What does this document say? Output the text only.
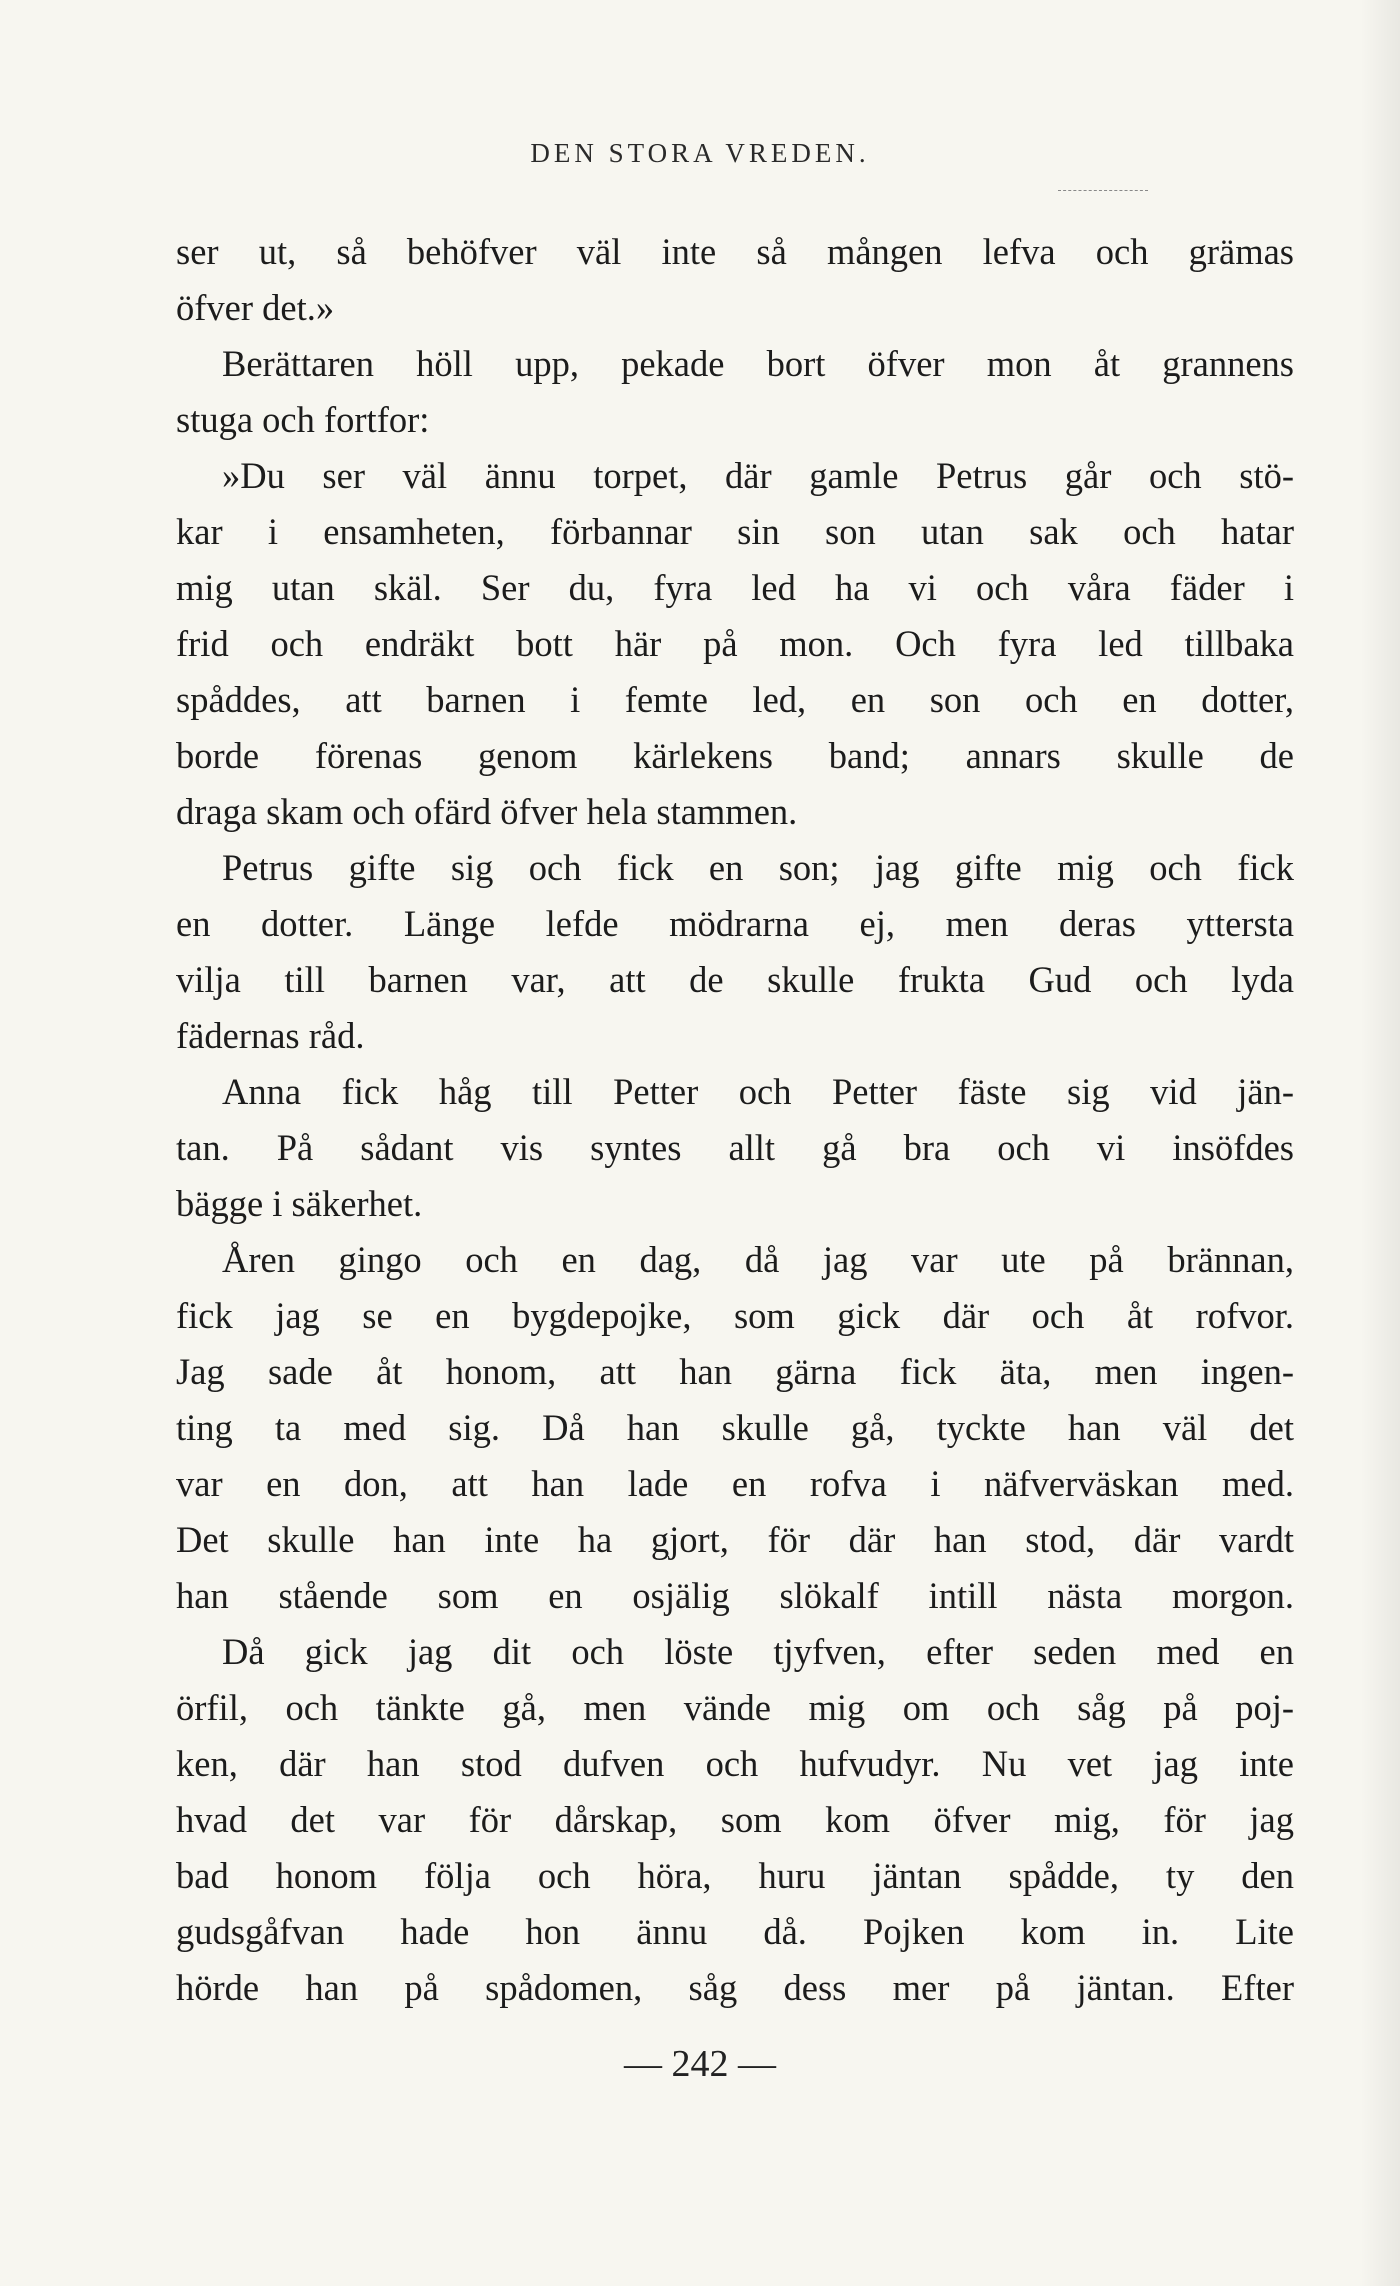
DEN STORA VREDEN.
ser ut, så behöfver väl inte så mången lefva och grämas
öfver det.»
Berättaren höll upp, pekade bort öfver mon åt grannens
stuga och fortfor:
»Du ser väl ännu torpet, där gamle Petrus går och stö-
kar i ensamheten, förbannar sin son utan sak och hatar
mig utan skäl. Ser du, fyra led ha vi och våra fäder i
frid och endräkt bott här på mon. Och fyra led tillbaka
spåddes, att barnen i femte led, en son och en dotter,
borde förenas genom kärlekens band; annars skulle de
draga skam och ofärd öfver hela stammen.
Petrus gifte sig och fick en son; jag gifte mig och fick
en dotter. Länge lefde mödrarna ej, men deras yttersta
vilja till barnen var, att de skulle frukta Gud och lyda
fädernas råd.
Anna fick håg till Petter och Petter fäste sig vid jän-
tan. På sådant vis syntes allt gå bra och vi insöfdes
bägge i säkerhet.
Åren gingo och en dag, då jag var ute på brännan,
fick jag se en bygdepojke, som gick där och åt rofvor.
Jag sade åt honom, att han gärna fick äta, men ingen-
ting ta med sig. Då han skulle gå, tyckte han väl det
var en don, att han lade en rofva i näfverväskan med.
Det skulle han inte ha gjort, för där han stod, där vardt
han stående som en osjälig slökalf intill nästa morgon.
Då gick jag dit och löste tjyfven, efter seden med en
örfil, och tänkte gå, men vände mig om och såg på poj-
ken, där han stod dufven och hufvudyr. Nu vet jag inte
hvad det var för dårskap, som kom öfver mig, för jag
bad honom följa och höra, huru jäntan spådde, ty den
gudsgåfvan hade hon ännu då. Pojken kom in. Lite
hörde han på spådomen, såg dess mer på jäntan. Efter
— 242 —
